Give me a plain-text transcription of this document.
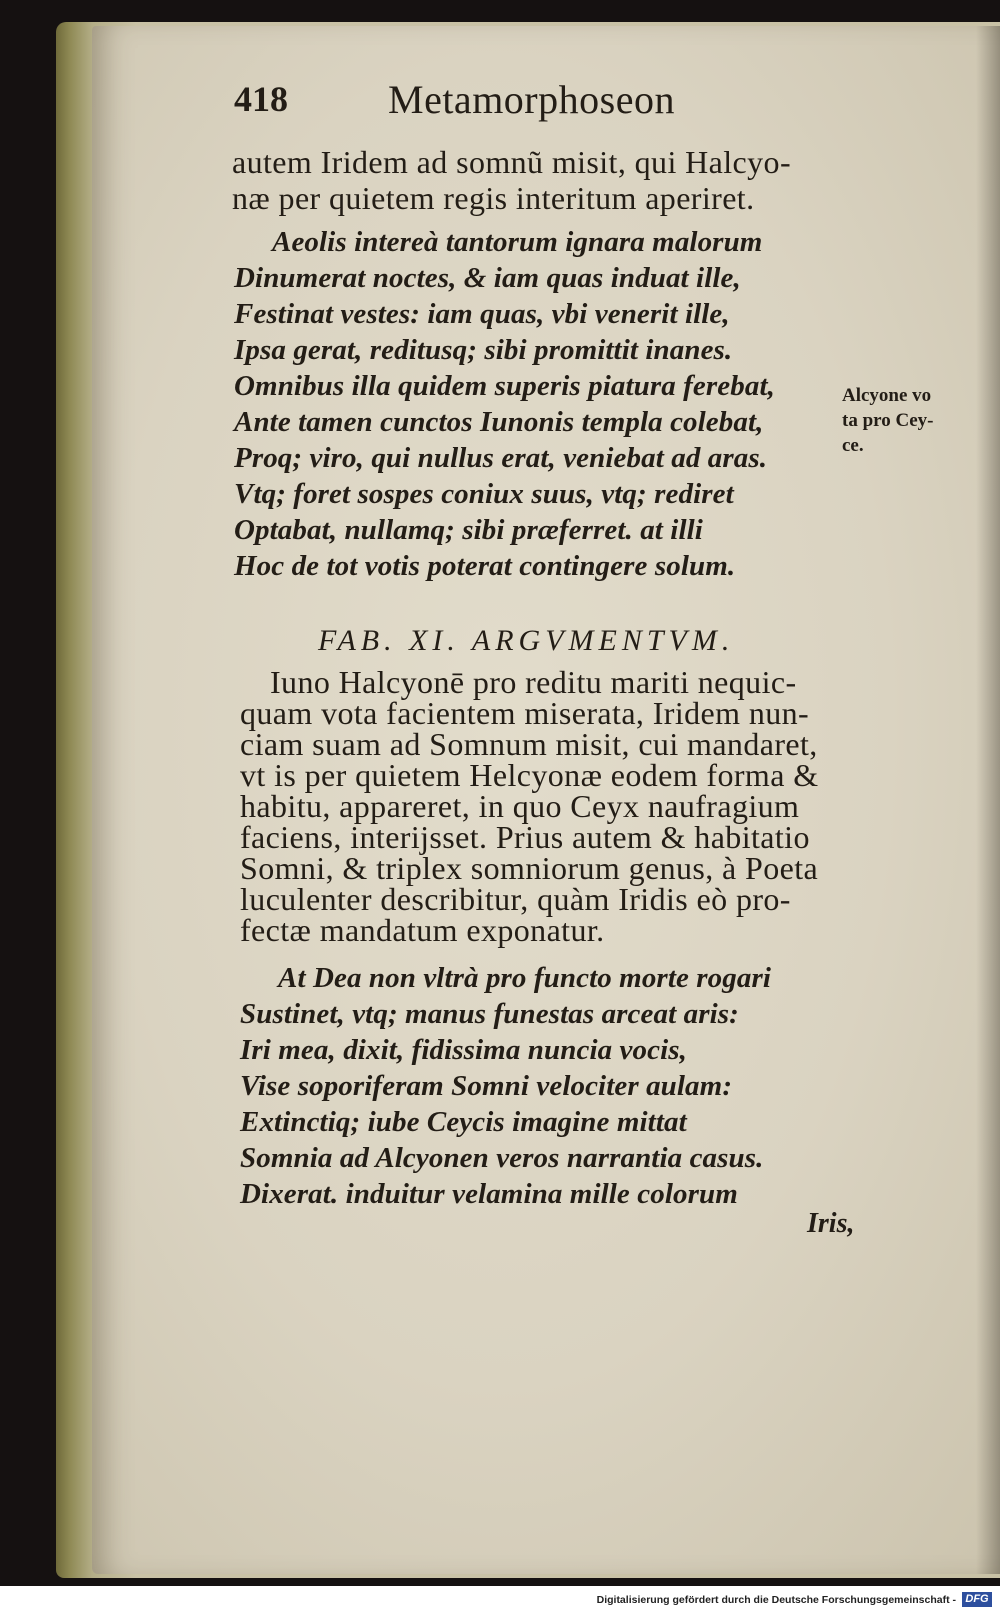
418	Metamorphoseon

autem Iridem ad somnũ misit, qui Halcyo-

næ per quietem regis interitum aperiret.

Aeolis intereà tantorum ignara malorum

Dinumerat noctes, & iam quas induat ille,

Festinat vestes: iam quas, vbi venerit ille,

Ipsa gerat, reditusq; sibi promittit inanes.

Omnibus illa quidem superis piatura ferebat,

Ante tamen cunctos Iunonis templa colebat,

Proq; viro, qui nullus erat, veniebat ad aras.

Vtq; foret sospes coniux suus, vtq; rediret

Optabat, nullamq; sibi præferret. at illi

Hoc de tot votis poterat contingere solum.

FAB. XI. ARGVMENTVM.

Iuno Halcyonē pro reditu mariti nequic-

quam vota facientem miserata, Iridem nun-

ciam suam ad Somnum misit, cui mandaret,

vt is per quietem Helcyonæ eodem forma &

habitu, appareret, in quo Ceyx naufragium

faciens, interijsset. Prius autem & habitatio

Somni, & triplex somniorum genus, à Poeta

luculenter describitur, quàm Iridis eò pro-

fectæ mandatum exponatur.

At Dea non vltrà pro functo morte rogari

Sustinet, vtq; manus funestas arceat aris:

Iri mea, dixit, fidissima nuncia vocis,

Vise soporiferam Somni velociter aulam:

Extinctiq; iube Ceycis imagine mittat

Somnia ad Alcyonen veros narrantia casus.

Dixerat. induitur velamina mille colorum

Iris,
Alcyone vo
ta pro Cey-
ce.
Digitalisierung gefördert durch die Deutsche Forschungsgemeinschaft - DFG
